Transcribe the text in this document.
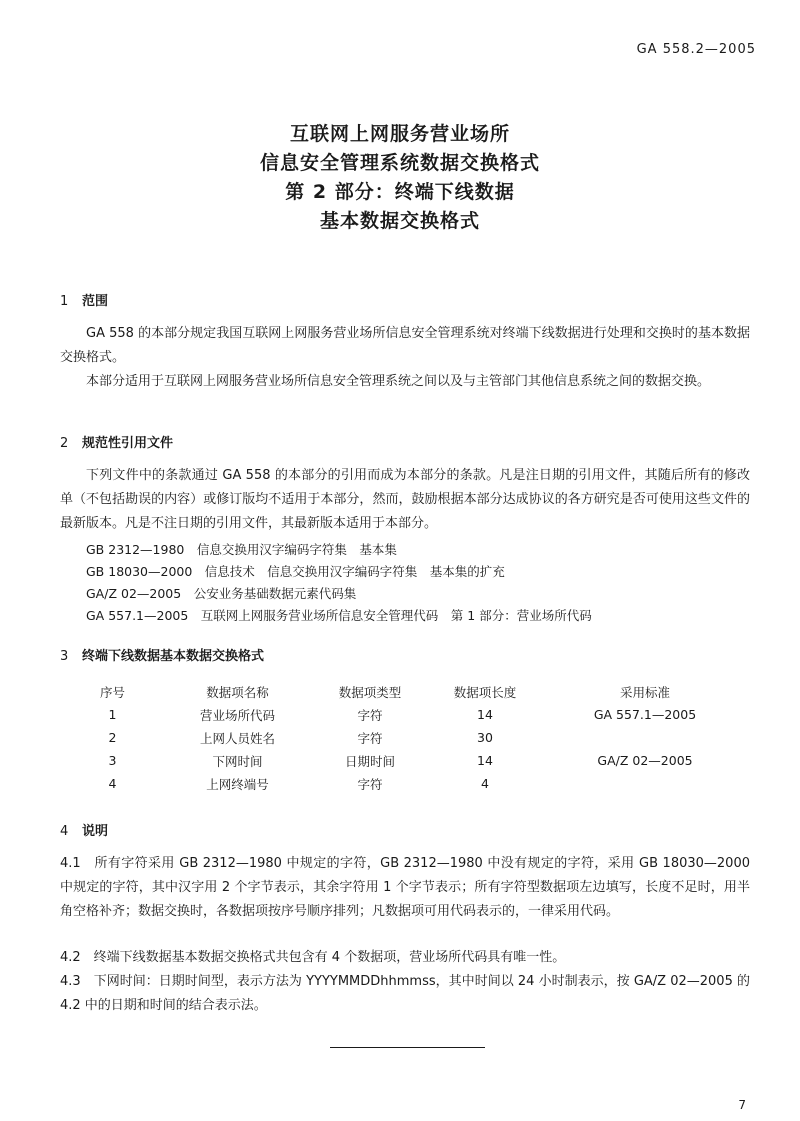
GA 558.2—2005
互联网上网服务营业场所
信息安全管理系统数据交换格式
第 2 部分：终端下线数据
基本数据交换格式
1 范围
GA 558 的本部分规定我国互联网上网服务营业场所信息安全管理系统对终端下线数据进行处理和交换时的基本数据交换格式。
本部分适用于互联网上网服务营业场所信息安全管理系统之间以及与主管部门其他信息系统之间的数据交换。
2 规范性引用文件
下列文件中的条款通过 GA 558 的本部分的引用而成为本部分的条款。凡是注日期的引用文件，其随后所有的修改单（不包括勘误的内容）或修订版均不适用于本部分，然而，鼓励根据本部分达成协议的各方研究是否可使用这些文件的最新版本。凡是不注日期的引用文件，其最新版本适用于本部分。
GB 2312—1980　信息交换用汉字编码字符集　基本集
GB 18030—2000　信息技术　信息交换用汉字编码字符集　基本集的扩充
GA/Z 02—2005　公安业务基础数据元素代码集
GA 557.1—2005　互联网上网服务营业场所信息安全管理代码　第 1 部分：营业场所代码
3 终端下线数据基本数据交换格式
序号	数据项名称	数据项类型	数据项长度	采用标准
1	营业场所代码	字符	14	GA 557.1—2005
2	上网人员姓名	字符	30	
3	下网时间	日期时间	14	GA/Z 02—2005
4	上网终端号	字符	4	
4 说明
4.1　所有字符采用 GB 2312—1980 中规定的字符，GB 2312—1980 中没有规定的字符，采用 GB 18030—2000 中规定的字符，其中汉字用 2 个字节表示，其余字符用 1 个字节表示；所有字符型数据项左边填写，长度不足时，用半角空格补齐；数据交换时，各数据项按序号顺序排列；凡数据项可用代码表示的，一律采用代码。
4.2　终端下线数据基本数据交换格式共包含有 4 个数据项，营业场所代码具有唯一性。
4.3　下网时间：日期时间型，表示方法为 YYYYMMDDhhmmss，其中时间以 24 小时制表示，按 GA/Z 02—2005 的 4.2 中的日期和时间的结合表示法。
7
